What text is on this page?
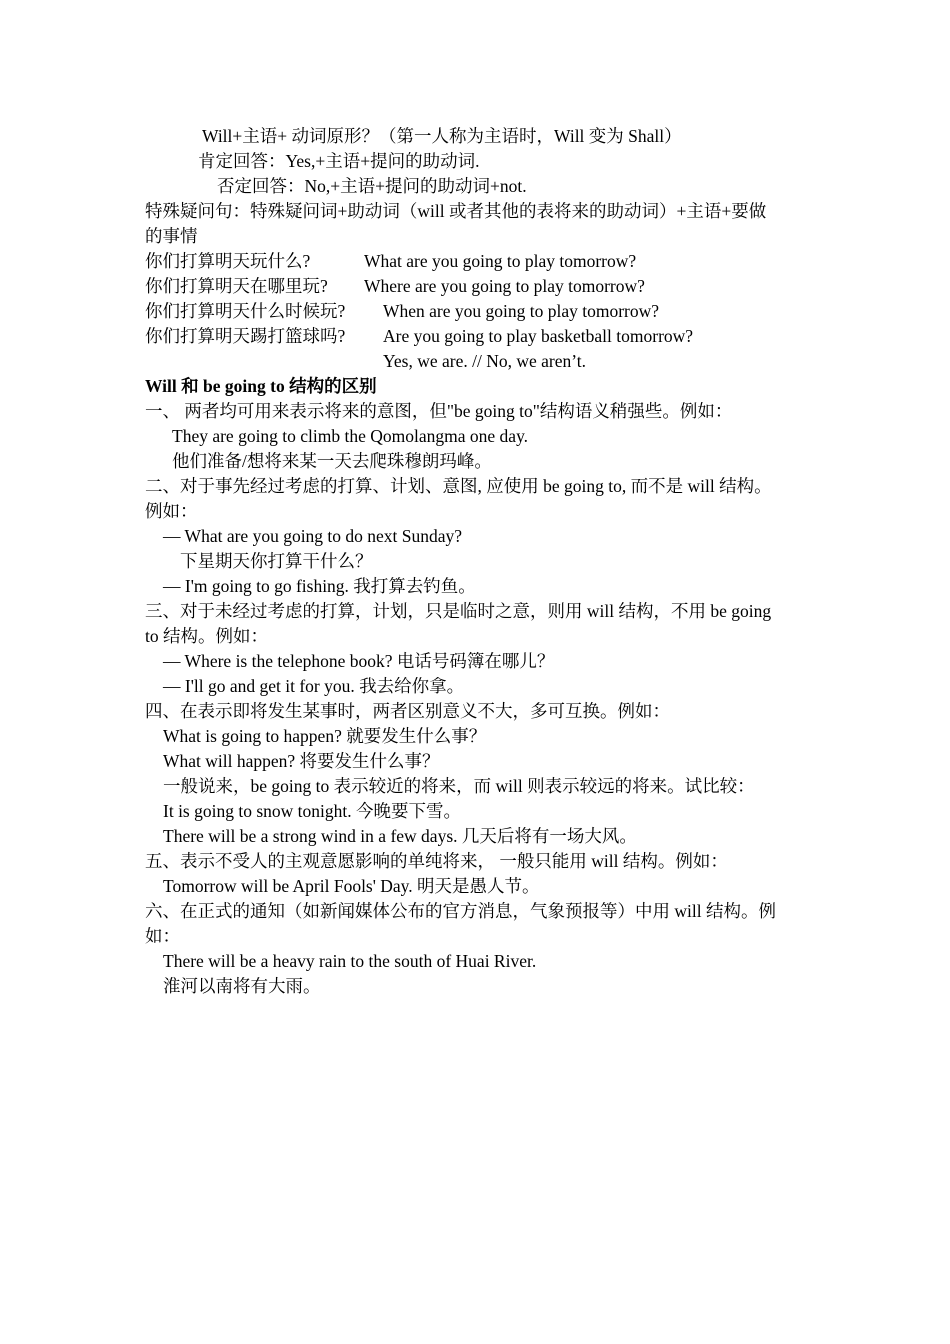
Will+主语+ 动词原形？（第一人称为主语时，Will 变为 Shall）
肯定回答：Yes,+主语+提问的助动词.
否定回答：No,+主语+提问的助动词+not.
特殊疑问句：特殊疑问词+助动词（will 或者其他的表将来的助动词）+主语+要做
的事情
你们打算明天玩什么?	What are you going to play tomorrow?
你们打算明天在哪里玩? Where are you going to play tomorrow?
你们打算明天什么时候玩? When are you going to play tomorrow?
你们打算明天踢打篮球吗? Are you going to play basketball tomorrow?
Yes, we are. // No, we aren’t.
Will 和 be going to 结构的区别
一、 两者均可用来表示将来的意图，但"be going to"结构语义稍强些。例如：
They are going to climb the Qomolangma one day.
他们准备/想将来某一天去爬珠穆朗玛峰。
二、对于事先经过考虑的打算、计划、意图, 应使用 be going to, 而不是 will 结构。
例如：
— What are you going to do next Sunday?
下星期天你打算干什么？
— I'm going to go fishing. 我打算去钓鱼。
三、对于未经过考虑的打算，计划，只是临时之意，则用 will 结构，不用 be going
to 结构。例如：
— Where is the telephone book? 电话号码簿在哪儿？
— I'll go and get it for you. 我去给你拿。
四、在表示即将发生某事时，两者区别意义不大，多可互换。例如：
What is going to happen? 就要发生什么事？
What will happen? 将要发生什么事？
一般说来，be going to 表示较近的将来，而 will 则表示较远的将来。试比较：
It is going to snow tonight. 今晚要下雪。
There will be a strong wind in a few days. 几天后将有一场大风。
五、表示不受人的主观意愿影响的单纯将来， 一般只能用 will 结构。例如：
Tomorrow will be April Fools' Day. 明天是愚人节。
六、在正式的通知（如新闻媒体公布的官方消息，气象预报等）中用 will 结构。例
如：
There will be a heavy rain to the south of Huai River.
淮河以南将有大雨。
